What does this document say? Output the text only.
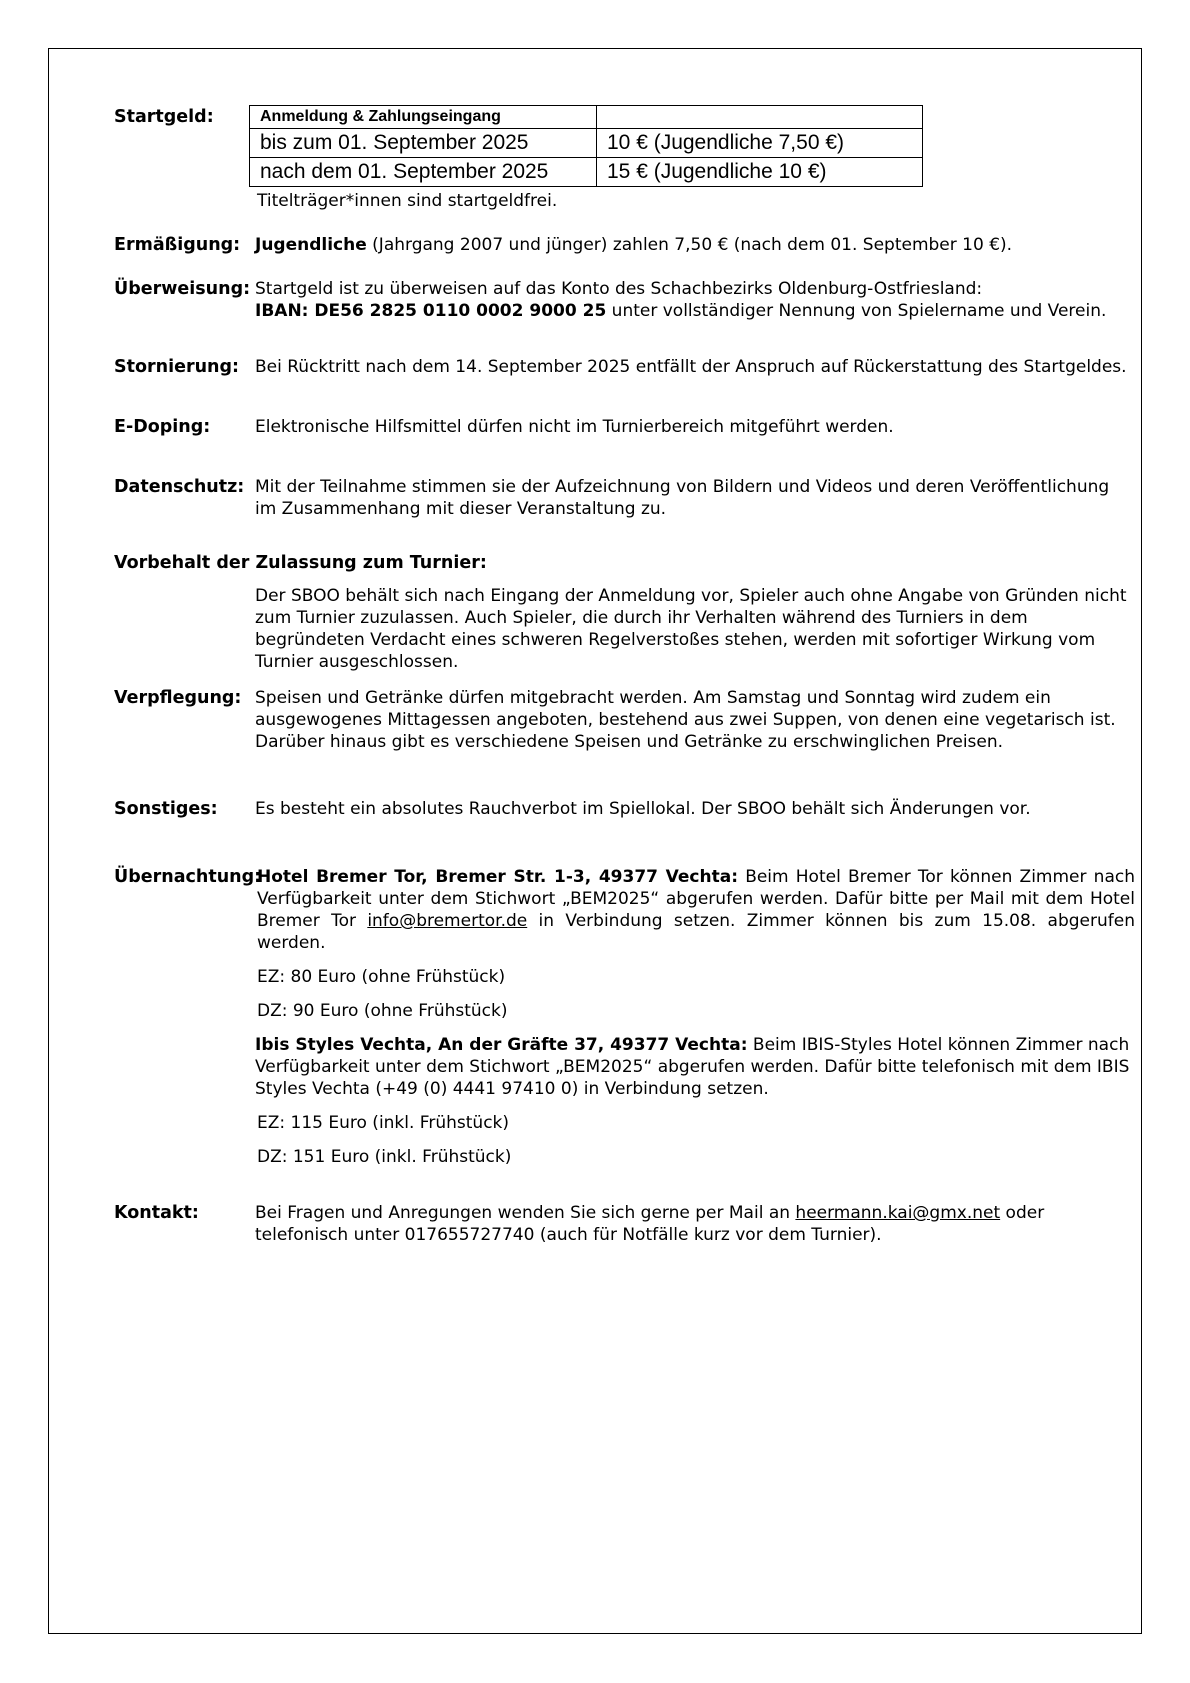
Startgeld:	Anmeldung & Zahlungseingang	
bis zum 01. September 2025	10 € (Jugendliche 7,50 €)
nach dem 01. September 2025	15 € (Jugendliche 10 €)
Titelträger*innen sind startgeldfrei.
Ermäßigung: Jugendliche (Jahrgang 2007 und jünger) zahlen 7,50 € (nach dem 01. September 10 €).
Überweisung: Startgeld ist zu überweisen auf das Konto des Schachbezirks Oldenburg-Ostfriesland:
IBAN: DE56 2825 0110 0002 9000 25 unter vollständiger Nennung von Spielername und Verein.
Stornierung: Bei Rücktritt nach dem 14. September 2025 entfällt der Anspruch auf Rückerstattung des Startgeldes.
E-Doping:	Elektronische Hilfsmittel dürfen nicht im Turnierbereich mitgeführt werden.
Datenschutz: Mit der Teilnahme stimmen sie der Aufzeichnung von Bildern und Videos und deren Veröffentlichung im Zusammenhang mit dieser Veranstaltung zu.
Vorbehalt der Zulassung zum Turnier:
Der SBOO behält sich nach Eingang der Anmeldung vor, Spieler auch ohne Angabe von Gründen nicht zum Turnier zuzulassen. Auch Spieler, die durch ihr Verhalten während des Turniers in dem begründeten Verdacht eines schweren Regelverstoßes stehen, werden mit sofortiger Wirkung vom Turnier ausgeschlossen.
Verpflegung: Speisen und Getränke dürfen mitgebracht werden. Am Samstag und Sonntag wird zudem ein ausgewogenes Mittagessen angeboten, bestehend aus zwei Suppen, von denen eine vegetarisch ist. Darüber hinaus gibt es verschiedene Speisen und Getränke zu erschwinglichen Preisen.
Sonstiges: Es besteht ein absolutes Rauchverbot im Spiellokal. Der SBOO behält sich Änderungen vor.
Übernachtung:
Hotel Bremer Tor, Bremer Str. 1-3, 49377 Vechta: Beim Hotel Bremer Tor können Zimmer nach Verfügbarkeit unter dem Stichwort „BEM2025“ abgerufen werden. Dafür bitte per Mail mit dem Hotel Bremer Tor info@bremertor.de in Verbindung setzen. Zimmer können bis zum 15.08. abgerufen werden.
EZ: 80 Euro (ohne Frühstück)
DZ: 90 Euro (ohne Frühstück)
Ibis Styles Vechta, An der Gräfte 37, 49377 Vechta: Beim IBIS-Styles Hotel können Zimmer nach Verfügbarkeit unter dem Stichwort „BEM2025“ abgerufen werden. Dafür bitte telefonisch mit dem IBIS Styles Vechta (+49 (0) 4441 97410 0) in Verbindung setzen.
EZ: 115 Euro (inkl. Frühstück)
DZ: 151 Euro (inkl. Frühstück)
Kontakt:	Bei Fragen und Anregungen wenden Sie sich gerne per Mail an heermann.kai@gmx.net oder telefonisch unter 017655727740 (auch für Notfälle kurz vor dem Turnier).
